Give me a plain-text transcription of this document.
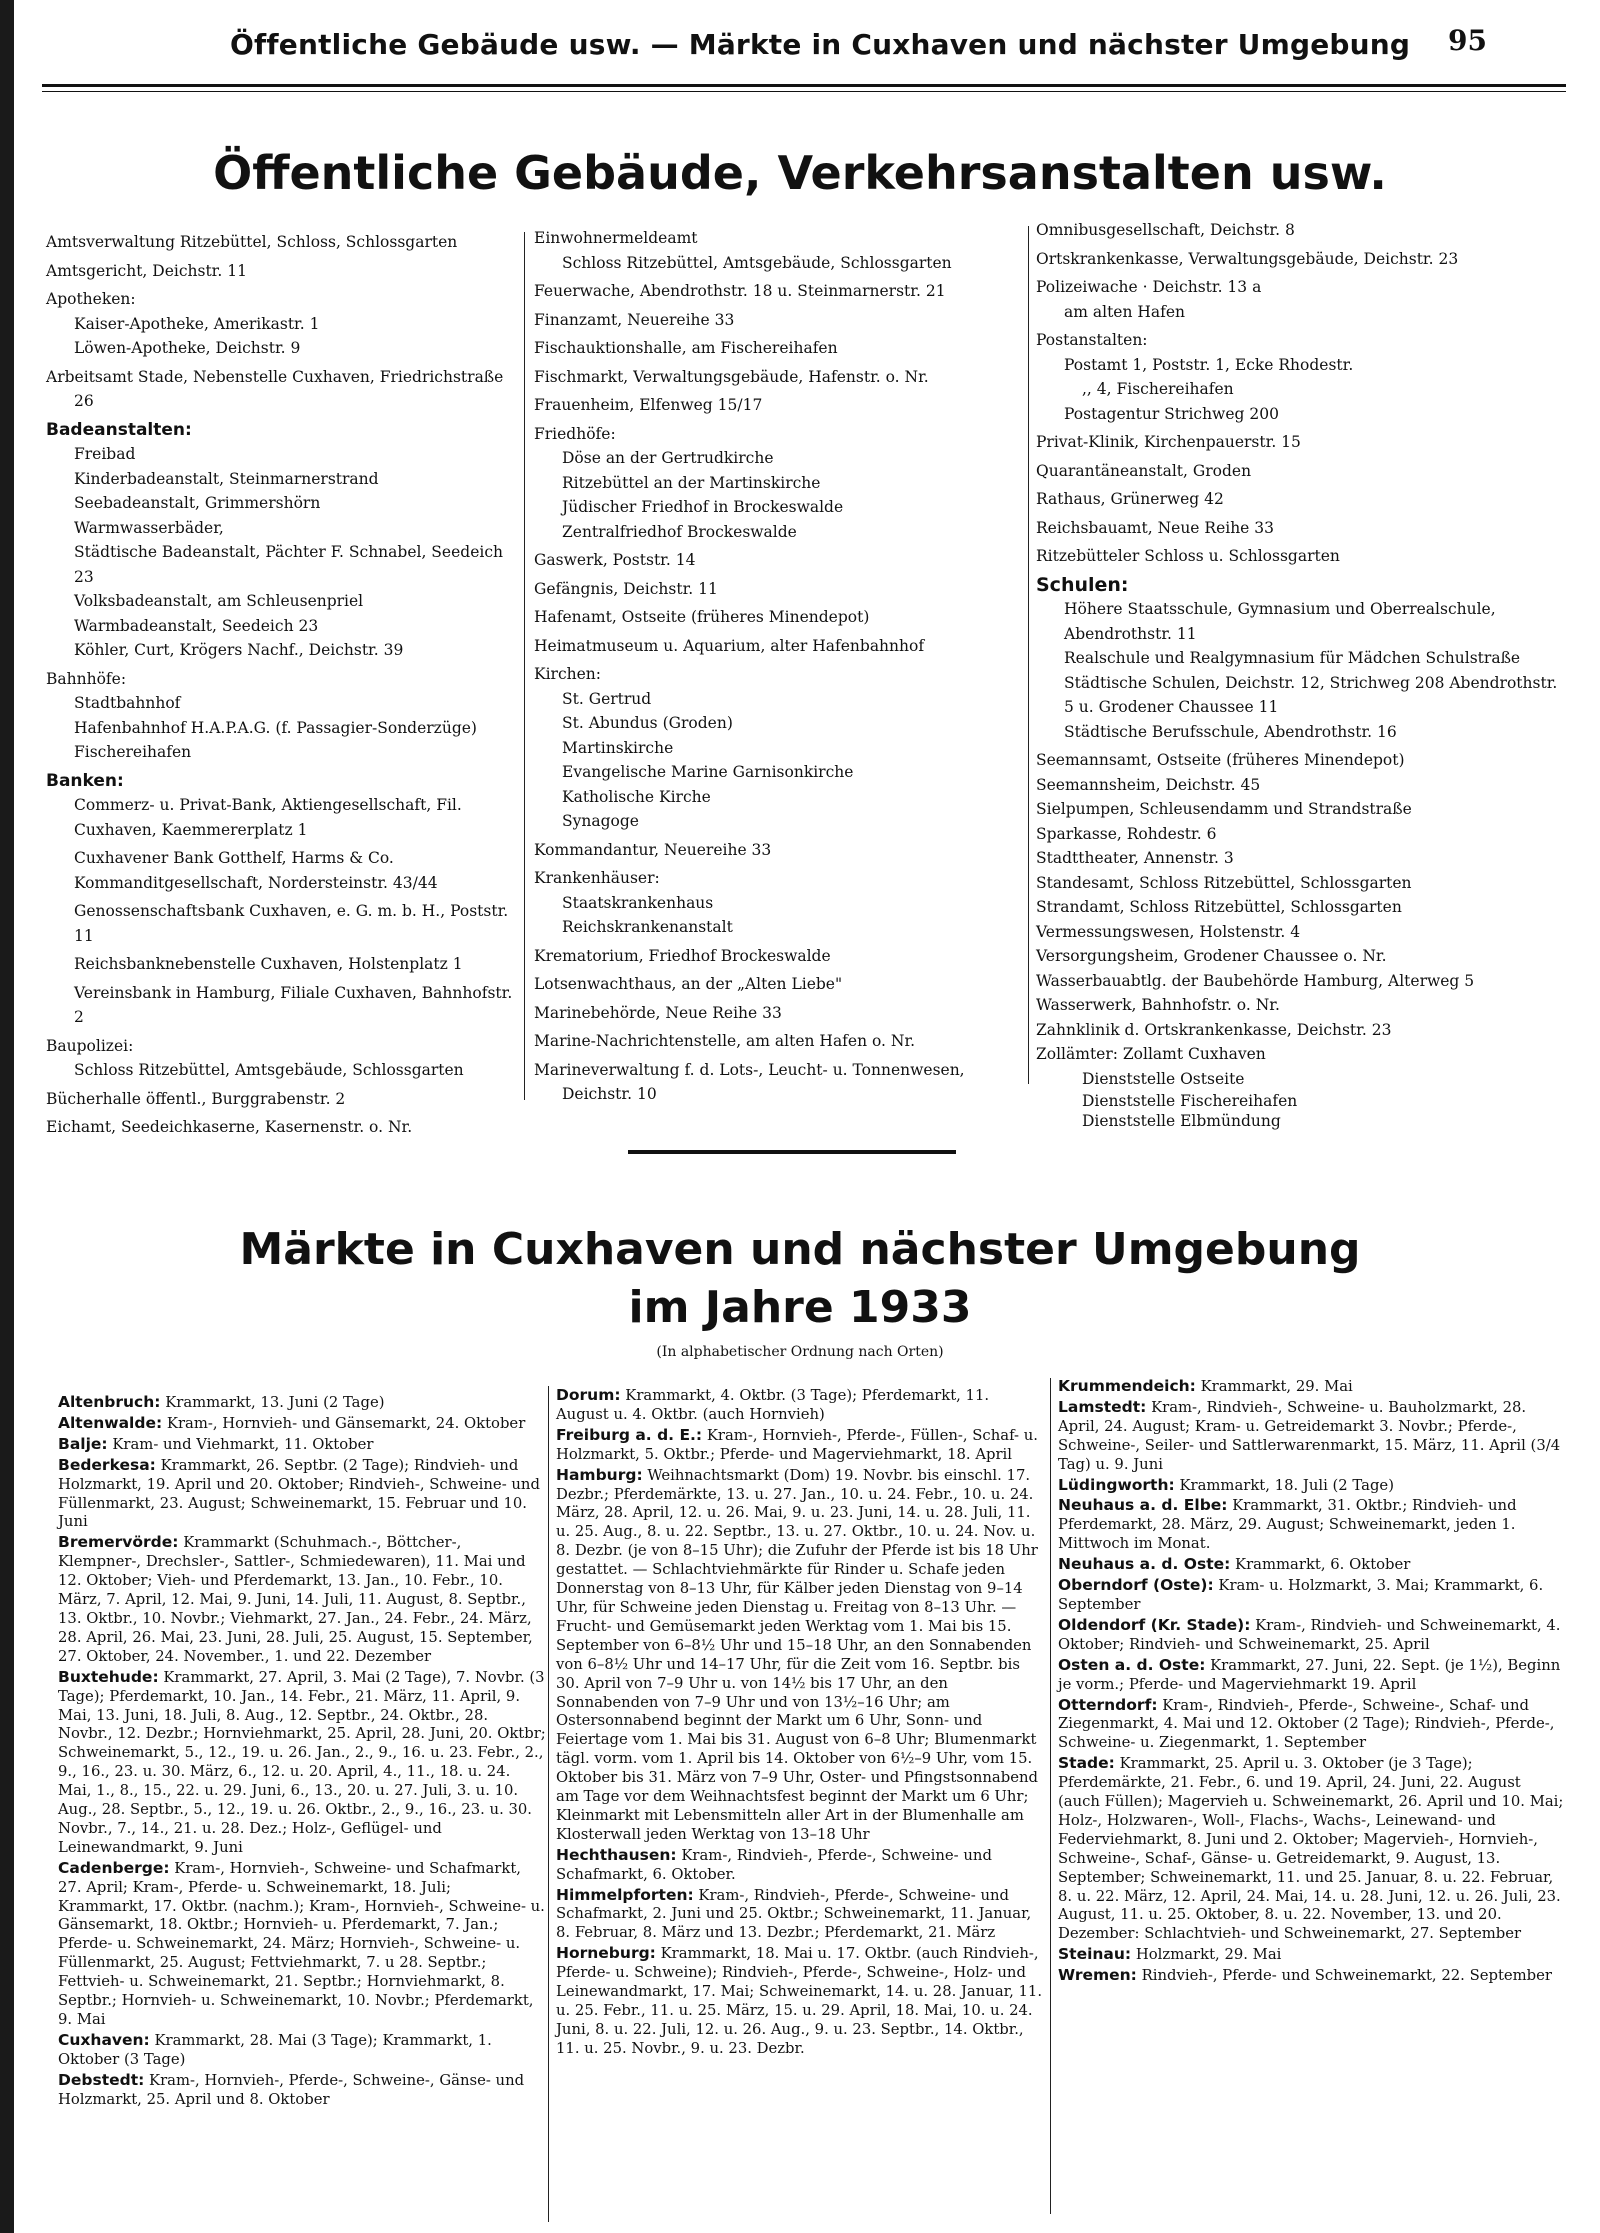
Öffentliche Gebäude usw. — Märkte in Cuxhaven und nächster Umgebung 95
Öffentliche Gebäude, Verkehrsanstalten usw.
Amtsverwaltung Ritzebüttel, Schloss, Schlossgarten
Amtsgericht, Deichstr. 11
Apotheken:
Kaiser-Apotheke, Amerikastr. 1
Löwen-Apotheke, Deichstr. 9
Arbeitsamt Stade, Nebenstelle Cuxhaven, Friedrichstraße 26
Badeanstalten:
Freibad
Kinderbadeanstalt, Steinmarnerstrand
Seebadeanstalt, Grimmershörn
Warmwasserbäder,
Städtische Badeanstalt, Pächter F. Schnabel, Seedeich 23
Volksbadeanstalt, am Schleusenpriel
Warmbadeanstalt, Seedeich 23
Köhler, Curt, Krögers Nachf., Deichstr. 39
Bahnhöfe:
Stadtbahnhof
Hafenbahnhof H.A.P.A.G. (f. Passagier-Sonderzüge)
Fischereihafen
Banken:
Commerz- u. Privat-Bank, Aktiengesellschaft, Fil. Cuxhaven, Kaemmererplatz 1
Cuxhavener Bank Gotthelf, Harms & Co. Kommanditgesellschaft, Nordersteinstr. 43/44
Genossenschaftsbank Cuxhaven, e. G. m. b. H., Poststr. 11
Reichsbanknebenstelle Cuxhaven, Holstenplatz 1
Vereinsbank in Hamburg, Filiale Cuxhaven, Bahnhofstr. 2
Baupolizei:
Schloss Ritzebüttel, Amtsgebäude, Schlossgarten
Bücherhalle öffentl., Burggrabenstr. 2
Eichamt, Seedeichkaserne, Kasernenstr. o. Nr.
Einwohnermeldeamt
Schloss Ritzebüttel, Amtsgebäude, Schlossgarten
Feuerwache, Abendrothstr. 18 u. Steinmarnerstr. 21
Finanzamt, Neuereihe 33
Fischauktionshalle, am Fischereihafen
Fischmarkt, Verwaltungsgebäude, Hafenstr. o. Nr.
Frauenheim, Elfenweg 15/17
Friedhöfe:
Döse an der Gertrudkirche
Ritzebüttel an der Martinskirche
Jüdischer Friedhof in Brockeswalde
Zentralfriedhof Brockeswalde
Gaswerk, Poststr. 14
Gefängnis, Deichstr. 11
Hafenamt, Ostseite (früheres Minendepot)
Heimatmuseum u. Aquarium, alter Hafenbahnhof
Kirchen:
St. Gertrud
St. Abundus (Groden)
Martinskirche
Evangelische Marine Garnisonkirche
Katholische Kirche
Synagoge
Kommandantur, Neuereihe 33
Krankenhäuser:
Staatskrankenhaus
Reichskrankenanstalt
Krematorium, Friedhof Brockeswalde
Lotsenwachthaus, an der „Alten Liebe"
Marinebehörde, Neue Reihe 33
Marine-Nachrichtenstelle, am alten Hafen o. Nr.
Marineverwaltung f. d. Lots-, Leucht- u. Tonnenwesen, Deichstr. 10
Omnibusgesellschaft, Deichstr. 8
Ortskrankenkasse, Verwaltungsgebäude, Deichstr. 23
Polizeiwache · Deichstr. 13 a
am alten Hafen
Postanstalten:
Postamt 1, Poststr. 1, Ecke Rhodestr.
,, 4, Fischereihafen
Postagentur Strichweg 200
Privat-Klinik, Kirchenpauerstr. 15
Quarantäneanstalt, Groden
Rathaus, Grünerweg 42
Reichsbauamt, Neue Reihe 33
Ritzebütteler Schloss u. Schlossgarten
Schulen:
Höhere Staatsschule, Gymnasium und Oberrealschule, Abendrothstr. 11
Realschule und Realgymnasium für Mädchen Schulstraße
Städtische Schulen, Deichstr. 12, Strichweg 208 Abendrothstr. 5 u. Grodener Chaussee 11
Städtische Berufsschule, Abendrothstr. 16
Seemannsamt, Ostseite (früheres Minendepot)
Seemannsheim, Deichstr. 45
Sielpumpen, Schleusendamm und Strandstraße
Sparkasse, Rohdestr. 6
Stadttheater, Annenstr. 3
Standesamt, Schloss Ritzebüttel, Schlossgarten
Strandamt, Schloss Ritzebüttel, Schlossgarten
Vermessungswesen, Holstenstr. 4
Versorgungsheim, Grodener Chaussee o. Nr.
Wasserbauabtlg. der Baubehörde Hamburg, Alterweg 5
Wasserwerk, Bahnhofstr. o. Nr.
Zahnklinik d. Ortskrankenkasse, Deichstr. 23
Zollämter: Zollamt Cuxhaven
Dienststelle Ostseite
Dienststelle Fischereihafen
Dienststelle Elbmündung
Märkte in Cuxhaven und nächster Umgebung
im Jahre 1933
(In alphabetischer Ordnung nach Orten)

Altenbruch: Krammarkt, 13. Juni (2 Tage)

Altenwalde: Kram-, Hornvieh- und Gänsemarkt, 24. Oktober

Balje: Kram- und Viehmarkt, 11. Oktober

Bederkesa: Krammarkt, 26. Septbr. (2 Tage); Rindvieh- und Holzmarkt, 19. April und 20. Oktober; Rindvieh-, Schweine- und Füllenmarkt, 23. August; Schweinemarkt, 15. Februar und 10. Juni

Bremervörde: Krammarkt (Schuhmach.-, Böttcher-, Klempner-, Drechsler-, Sattler-, Schmiedewaren), 11. Mai und 12. Oktober; Vieh- und Pferdemarkt, 13. Jan., 10. Febr., 10. März, 7. April, 12. Mai, 9. Juni, 14. Juli, 11. August, 8. Septbr., 13. Oktbr., 10. Novbr.; Viehmarkt, 27. Jan., 24. Febr., 24. März, 28. April, 26. Mai, 23. Juni, 28. Juli, 25. August, 15. September, 27. Oktober, 24. November., 1. und 22. Dezember

Buxtehude: Krammarkt, 27. April, 3. Mai (2 Tage), 7. Novbr. (3 Tage); Pferdemarkt, 10. Jan., 14. Febr., 21. März, 11. April, 9. Mai, 13. Juni, 18. Juli, 8. Aug., 12. Septbr., 24. Oktbr., 28. Novbr., 12. Dezbr.; Hornviehmarkt, 25. April, 28. Juni, 20. Oktbr; Schweinemarkt, 5., 12., 19. u. 26. Jan., 2., 9., 16. u. 23. Febr., 2., 9., 16., 23. u. 30. März, 6., 12. u. 20. April, 4., 11., 18. u. 24. Mai, 1., 8., 15., 22. u. 29. Juni, 6., 13., 20. u. 27. Juli, 3. u. 10. Aug., 28. Septbr., 5., 12., 19. u. 26. Oktbr., 2., 9., 16., 23. u. 30. Novbr., 7., 14., 21. u. 28. Dez.; Holz-, Geflügel- und Leinewandmarkt, 9. Juni

Cadenberge: Kram-, Hornvieh-, Schweine- und Schafmarkt, 27. April; Kram-, Pferde- u. Schweinemarkt, 18. Juli; Krammarkt, 17. Oktbr. (nachm.); Kram-, Hornvieh-, Schweine- u. Gänsemarkt, 18. Oktbr.; Hornvieh- u. Pferdemarkt, 7. Jan.; Pferde- u. Schweinemarkt, 24. März; Hornvieh-, Schweine- u. Füllenmarkt, 25. August; Fettviehmarkt, 7. u 28. Septbr.; Fettvieh- u. Schweinemarkt, 21. Septbr.; Hornviehmarkt, 8. Septbr.; Hornvieh- u. Schweinemarkt, 10. Novbr.; Pferdemarkt, 9. Mai

Cuxhaven: Krammarkt, 28. Mai (3 Tage); Krammarkt, 1. Oktober (3 Tage)

Debstedt: Kram-, Hornvieh-, Pferde-, Schweine-, Gänse- und Holzmarkt, 25. April und 8. Oktober

Dorum: Krammarkt, 4. Oktbr. (3 Tage); Pferdemarkt, 11. August u. 4. Oktbr. (auch Hornvieh)

Freiburg a. d. E.: Kram-, Hornvieh-, Pferde-, Füllen-, Schaf- u. Holzmarkt, 5. Oktbr.; Pferde- und Magerviehmarkt, 18. April

Hamburg: Weihnachtsmarkt (Dom) 19. Novbr. bis einschl. 17. Dezbr.; Pferdemärkte, 13. u. 27. Jan., 10. u. 24. Febr., 10. u. 24. März, 28. April, 12. u. 26. Mai, 9. u. 23. Juni, 14. u. 28. Juli, 11. u. 25. Aug., 8. u. 22. Septbr., 13. u. 27. Oktbr., 10. u. 24. Nov. u. 8. Dezbr. (je von 8–15 Uhr); die Zufuhr der Pferde ist bis 18 Uhr gestattet. — Schlachtviehmärkte für Rinder u. Schafe jeden Donnerstag von 8–13 Uhr, für Kälber jeden Dienstag von 9–14 Uhr, für Schweine jeden Dienstag u. Freitag von 8–13 Uhr. — Frucht- und Gemüsemarkt jeden Werktag vom 1. Mai bis 15. September von 6–8½ Uhr und 15–18 Uhr, an den Sonnabenden von 6–8½ Uhr und 14–17 Uhr, für die Zeit vom 16. Septbr. bis 30. April von 7–9 Uhr u. von 14½ bis 17 Uhr, an den Sonnabenden von 7–9 Uhr und von 13½–16 Uhr; am Ostersonnabend beginnt der Markt um 6 Uhr, Sonn- und Feiertage vom 1. Mai bis 31. August von 6–8 Uhr; Blumenmarkt tägl. vorm. vom 1. April bis 14. Oktober von 6½–9 Uhr, vom 15. Oktober bis 31. März von 7–9 Uhr, Oster- und Pfingstsonnabend am Tage vor dem Weihnachtsfest beginnt der Markt um 6 Uhr; Kleinmarkt mit Lebensmitteln aller Art in der Blumenhalle am Klosterwall jeden Werktag von 13–18 Uhr

Hechthausen: Kram-, Rindvieh-, Pferde-, Schweine- und Schafmarkt, 6. Oktober.

Himmelpforten: Kram-, Rindvieh-, Pferde-, Schweine- und Schafmarkt, 2. Juni und 25. Oktbr.; Schweinemarkt, 11. Januar, 8. Februar, 8. März und 13. Dezbr.; Pferdemarkt, 21. März

Horneburg: Krammarkt, 18. Mai u. 17. Oktbr. (auch Rindvieh-, Pferde- u. Schweine); Rindvieh-, Pferde-, Schweine-, Holz- und Leinewandmarkt, 17. Mai; Schweinemarkt, 14. u. 28. Januar, 11. u. 25. Febr., 11. u. 25. März, 15. u. 29. April, 18. Mai, 10. u. 24. Juni, 8. u. 22. Juli, 12. u. 26. Aug., 9. u. 23. Septbr., 14. Oktbr., 11. u. 25. Novbr., 9. u. 23. Dezbr.

Krummendeich: Krammarkt, 29. Mai

Lamstedt: Kram-, Rindvieh-, Schweine- u. Bauholzmarkt, 28. April, 24. August; Kram- u. Getreidemarkt 3. Novbr.; Pferde-, Schweine-, Seiler- und Sattlerwarenmarkt, 15. März, 11. April (3/4 Tag) u. 9. Juni

Lüdingworth: Krammarkt, 18. Juli (2 Tage)

Neuhaus a. d. Elbe: Krammarkt, 31. Oktbr.; Rindvieh- und Pferdemarkt, 28. März, 29. August; Schweinemarkt, jeden 1. Mittwoch im Monat.

Neuhaus a. d. Oste: Krammarkt, 6. Oktober

Oberndorf (Oste): Kram- u. Holzmarkt, 3. Mai; Krammarkt, 6. September

Oldendorf (Kr. Stade): Kram-, Rindvieh- und Schweinemarkt, 4. Oktober; Rindvieh- und Schweinemarkt, 25. April

Osten a. d. Oste: Krammarkt, 27. Juni, 22. Sept. (je 1½), Beginn je vorm.; Pferde- und Magerviehmarkt 19. April

Otterndorf: Kram-, Rindvieh-, Pferde-, Schweine-, Schaf- und Ziegenmarkt, 4. Mai und 12. Oktober (2 Tage); Rindvieh-, Pferde-, Schweine- u. Ziegenmarkt, 1. September

Stade: Krammarkt, 25. April u. 3. Oktober (je 3 Tage); Pferdemärkte, 21. Febr., 6. und 19. April, 24. Juni, 22. August (auch Füllen); Magervieh u. Schweinemarkt, 26. April und 10. Mai; Holz-, Holzwaren-, Woll-, Flachs-, Wachs-, Leinewand- und Federviehmarkt, 8. Juni und 2. Oktober; Magervieh-, Hornvieh-, Schweine-, Schaf-, Gänse- u. Getreidemarkt, 9. August, 13. September; Schweinemarkt, 11. und 25. Januar, 8. u. 22. Februar, 8. u. 22. März, 12. April, 24. Mai, 14. u. 28. Juni, 12. u. 26. Juli, 23. August, 11. u. 25. Oktober, 8. u. 22. November, 13. und 20. Dezember: Schlachtvieh- und Schweinemarkt, 27. September

Steinau: Holzmarkt, 29. Mai

Wremen: Rindvieh-, Pferde- und Schweinemarkt, 22. September
